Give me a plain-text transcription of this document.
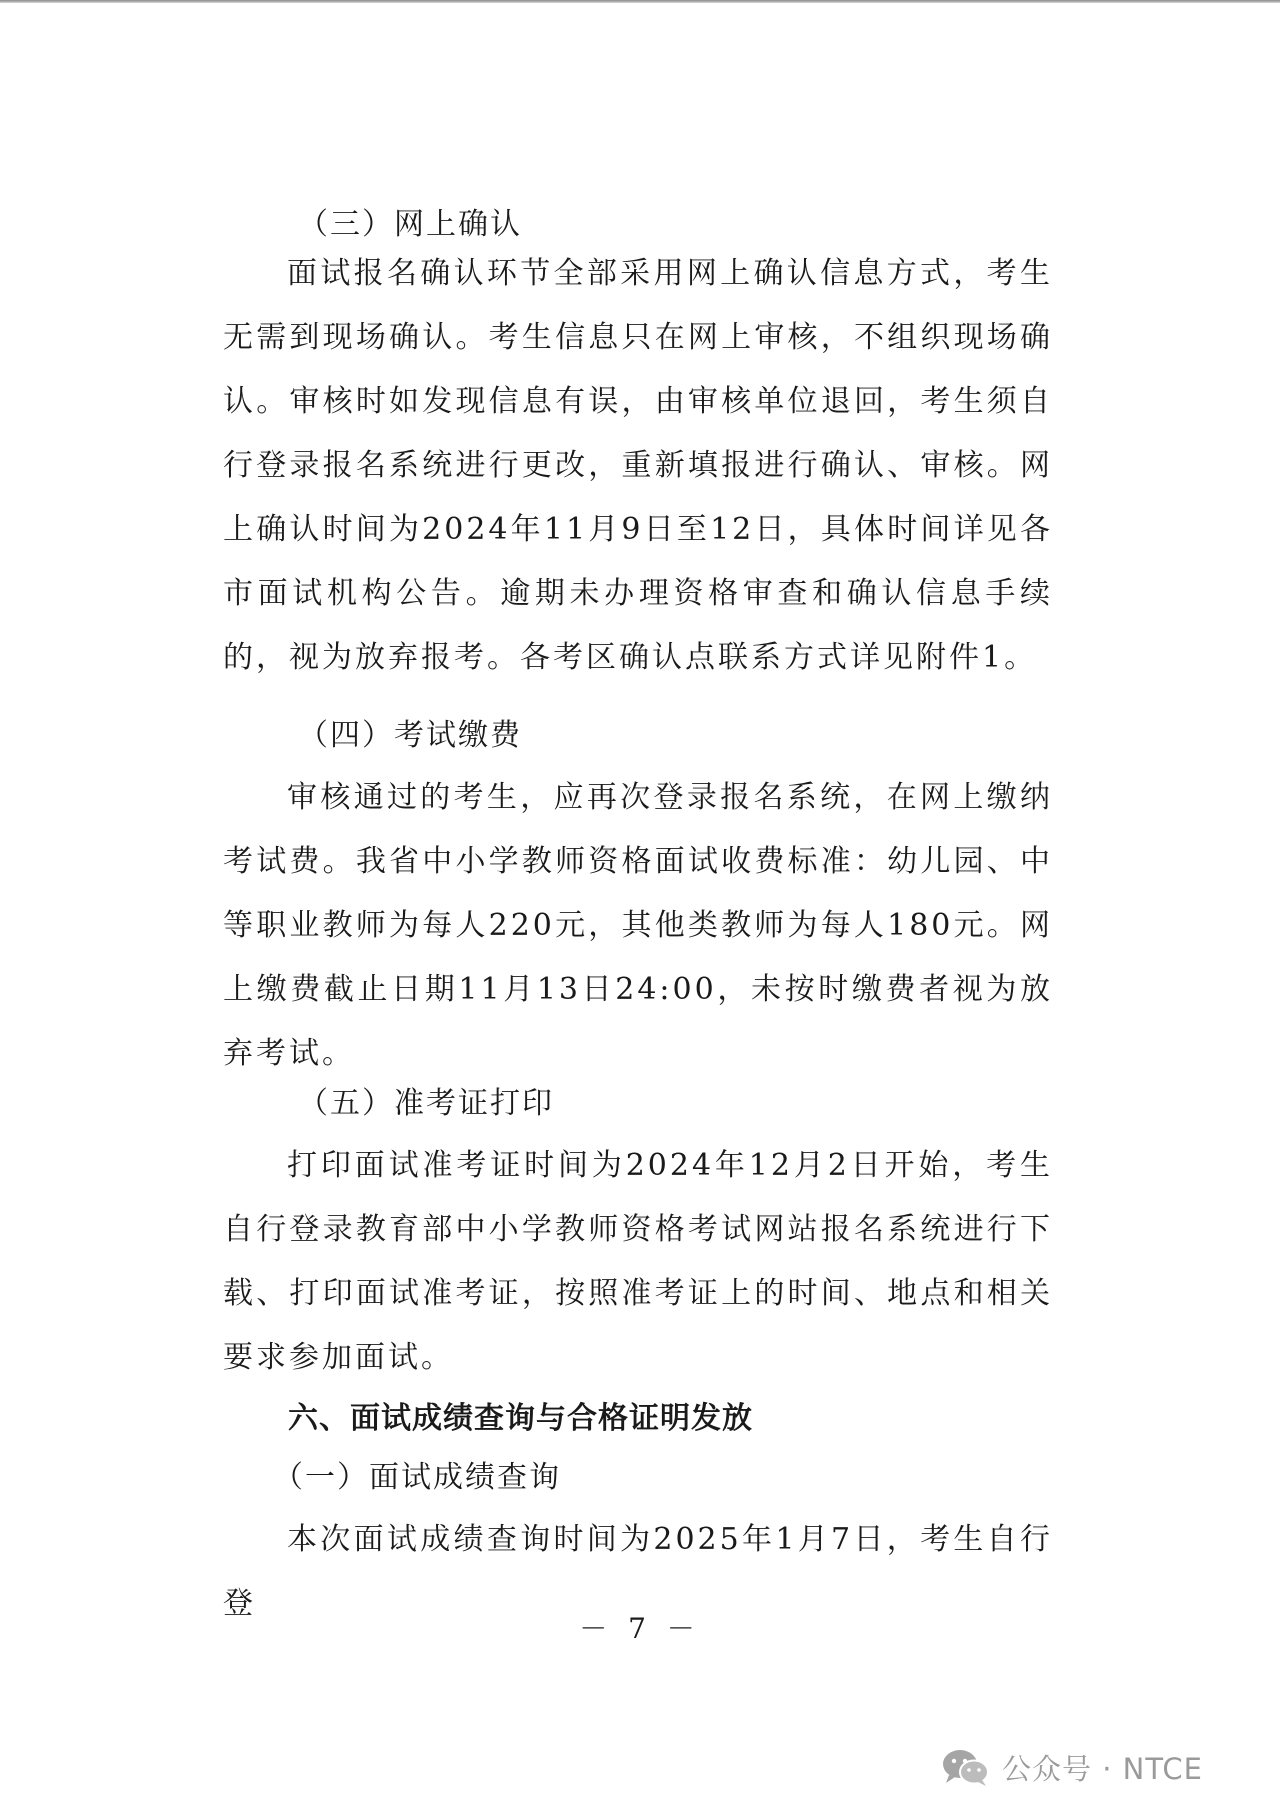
（三）网上确认

面试报名确认环节全部采用网上确认信息方式，考生无需到现场确认。考生信息只在网上审核，不组织现场确认。审核时如发现信息有误，由审核单位退回，考生须自行登录报名系统进行更改，重新填报进行确认、审核。网上确认时间为2024年11月9日至12日，具体时间详见各市面试机构公告。逾期未办理资格审查和确认信息手续的，视为放弃报考。各考区确认点联系方式详见附件1。

（四）考试缴费

审核通过的考生，应再次登录报名系统，在网上缴纳考试费。我省中小学教师资格面试收费标准：幼儿园、中等职业教师为每人220元，其他类教师为每人180元。网上缴费截止日期11月13日24:00，未按时缴费者视为放弃考试。

（五）准考证打印

打印面试准考证时间为2024年12月2日开始，考生自行登录教育部中小学教师资格考试网站报名系统进行下载、打印面试准考证，按照准考证上的时间、地点和相关要求参加面试。

六、面试成绩查询与合格证明发放
（一）面试成绩查询

本次面试成绩查询时间为2025年1月7日，考生自行登

－ 7 －
公众号 · NTCE
